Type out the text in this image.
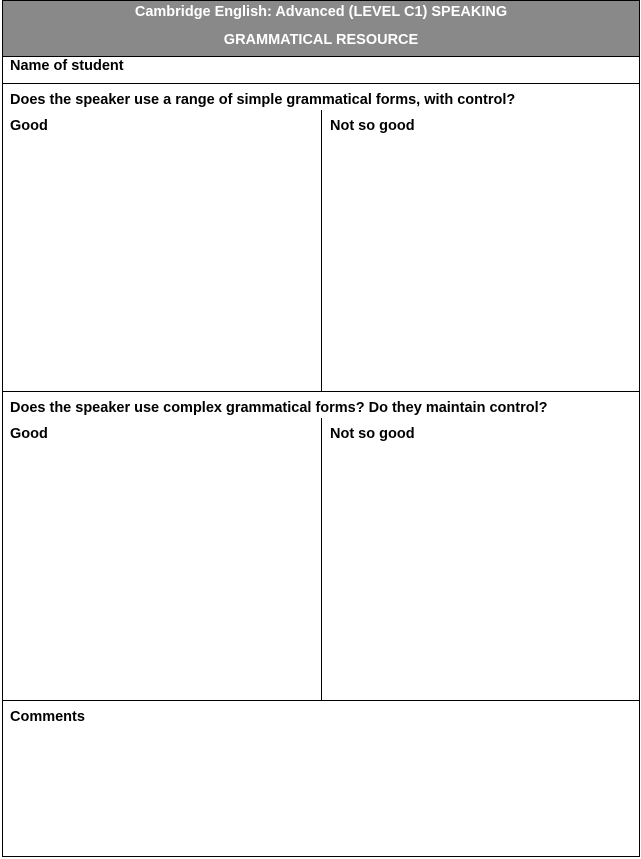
Cambridge English: Advanced (LEVEL C1) SPEAKING
GRAMMATICAL RESOURCE
Name of student
Does the speaker use a range of simple grammatical forms, with control?
Good	Not so good
Does the speaker use complex grammatical forms? Do they maintain control?
Good	Not so good
Comments
